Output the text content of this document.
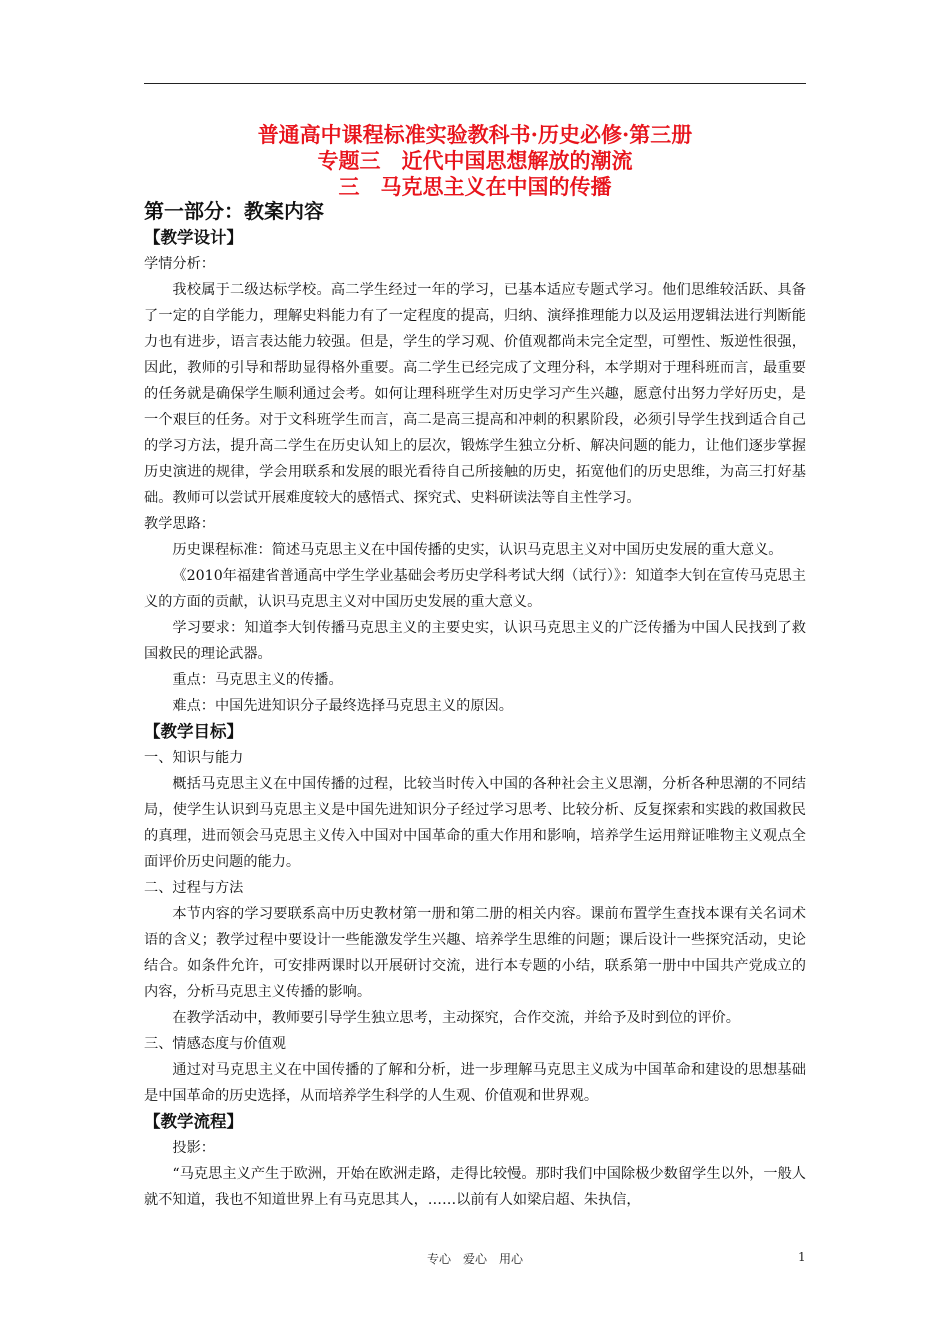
普通高中课程标准实验教科书·历史必修·第三册
专题三　近代中国思想解放的潮流
三　马克思主义在中国的传播
第一部分：教案内容
【教学设计】
学情分析：
我校属于二级达标学校。高二学生经过一年的学习，已基本适应专题式学习。他们思维较活跃、具备了一定的自学能力，理解史料能力有了一定程度的提高，归纳、演绎推理能力以及运用逻辑法进行判断能力也有进步，语言表达能力较强。但是，学生的学习观、价值观都尚未完全定型，可塑性、叛逆性很强，因此，教师的引导和帮助显得格外重要。高二学生已经完成了文理分科，本学期对于理科班而言，最重要的任务就是确保学生顺利通过会考。如何让理科班学生对历史学习产生兴趣，愿意付出努力学好历史，是一个艰巨的任务。对于文科班学生而言，高二是高三提高和冲刺的积累阶段，必须引导学生找到适合自己的学习方法，提升高二学生在历史认知上的层次，锻炼学生独立分析、解决问题的能力，让他们逐步掌握历史演进的规律，学会用联系和发展的眼光看待自己所接触的历史，拓宽他们的历史思维，为高三打好基础。教师可以尝试开展难度较大的感悟式、探究式、史料研读法等自主性学习。
教学思路：
历史课程标准：简述马克思主义在中国传播的史实，认识马克思主义对中国历史发展的重大意义。
《2010年福建省普通高中学生学业基础会考历史学科考试大纲（试行）》：知道李大钊在宣传马克思主义的方面的贡献，认识马克思主义对中国历史发展的重大意义。
学习要求：知道李大钊传播马克思主义的主要史实，认识马克思主义的广泛传播为中国人民找到了救国救民的理论武器。
重点：马克思主义的传播。
难点：中国先进知识分子最终选择马克思主义的原因。
【教学目标】
一、知识与能力
概括马克思主义在中国传播的过程，比较当时传入中国的各种社会主义思潮，分析各种思潮的不同结局，使学生认识到马克思主义是中国先进知识分子经过学习思考、比较分析、反复探索和实践的救国救民的真理，进而领会马克思主义传入中国对中国革命的重大作用和影响，培养学生运用辩证唯物主义观点全面评价历史问题的能力。
二、过程与方法
本节内容的学习要联系高中历史教材第一册和第二册的相关内容。课前布置学生查找本课有关名词术语的含义；教学过程中要设计一些能激发学生兴趣、培养学生思维的问题；课后设计一些探究活动，史论结合。如条件允许，可安排两课时以开展研讨交流，进行本专题的小结，联系第一册中中国共产党成立的内容，分析马克思主义传播的影响。
在教学活动中，教师要引导学生独立思考，主动探究，合作交流，并给予及时到位的评价。
三、情感态度与价值观
通过对马克思主义在中国传播的了解和分析，进一步理解马克思主义成为中国革命和建设的思想基础是中国革命的历史选择，从而培养学生科学的人生观、价值观和世界观。
【教学流程】
投影：
“马克思主义产生于欧洲，开始在欧洲走路，走得比较慢。那时我们中国除极少数留学生以外，一般人就不知道，我也不知道世界上有马克思其人，……以前有人如梁启超、朱执信，
专心　爱心　用心	1
